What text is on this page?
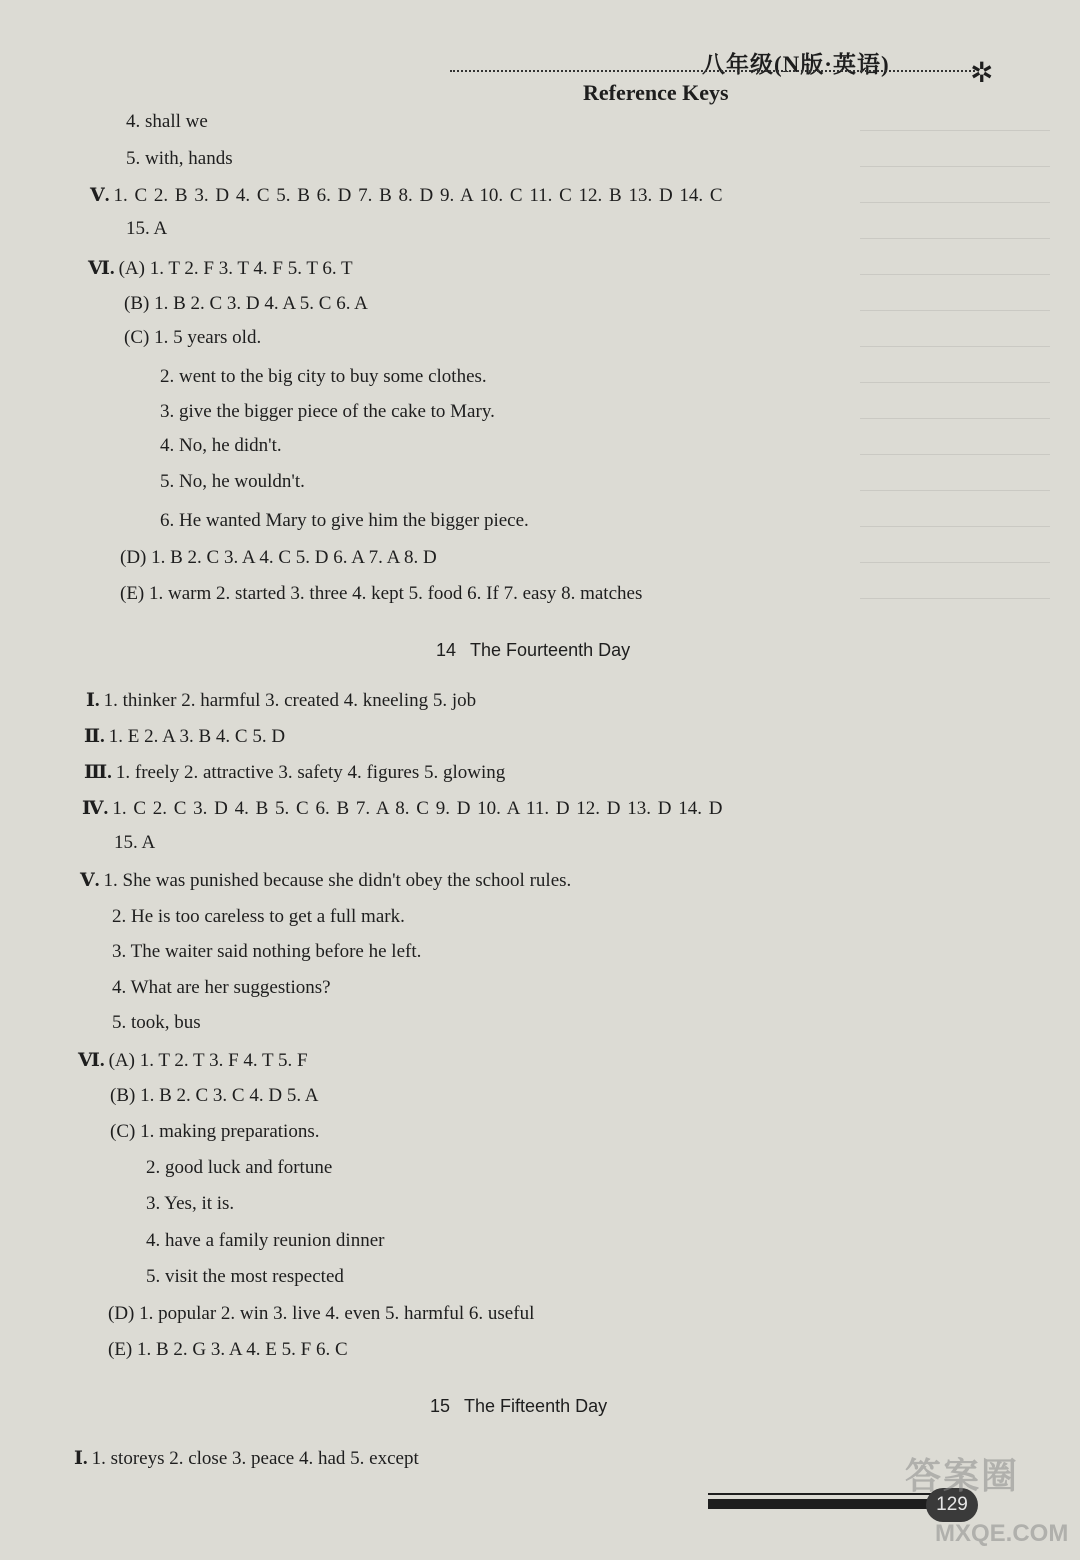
八年级(N版·英语)	✲
Reference Keys
4. shall we
5. with, hands
Ⅴ. 1. C 2. B 3. D 4. C 5. B 6. D 7. B 8. D 9. A 10. C 11. C 12. B 13. D 14. C
15. A
Ⅵ. (A) 1. T 2. F 3. T 4. F 5. T 6. T
(B) 1. B 2. C 3. D 4. A 5. C 6. A
(C) 1. 5 years old.
2. went to the big city to buy some clothes.
3. give the bigger piece of the cake to Mary.
4. No, he didn't.
5. No, he wouldn't.
6. He wanted Mary to give him the bigger piece.
(D) 1. B 2. C 3. A 4. C 5. D 6. A 7. A 8. D
(E) 1. warm 2. started 3. three 4. kept 5. food 6. If 7. easy 8. matches
14 The Fourteenth Day
Ⅰ. 1. thinker 2. harmful 3. created 4. kneeling 5. job
Ⅱ. 1. E 2. A 3. B 4. C 5. D
Ⅲ. 1. freely 2. attractive 3. safety 4. figures 5. glowing
Ⅳ. 1. C 2. C 3. D 4. B 5. C 6. B 7. A 8. C 9. D 10. A 11. D 12. D 13. D 14. D
15. A
Ⅴ. 1. She was punished because she didn't obey the school rules.
2. He is too careless to get a full mark.
3. The waiter said nothing before he left.
4. What are her suggestions?
5. took, bus
Ⅵ. (A) 1. T 2. T 3. F 4. T 5. F
(B) 1. B 2. C 3. C 4. D 5. A
(C) 1. making preparations.
2. good luck and fortune
3. Yes, it is.
4. have a family reunion dinner
5. visit the most respected
(D) 1. popular 2. win 3. live 4. even 5. harmful 6. useful
(E) 1. B 2. G 3. A 4. E 5. F 6. C
15 The Fifteenth Day
Ⅰ. 1. storeys 2. close 3. peace 4. had 5. except
129
答案圈
MXQE.COM
